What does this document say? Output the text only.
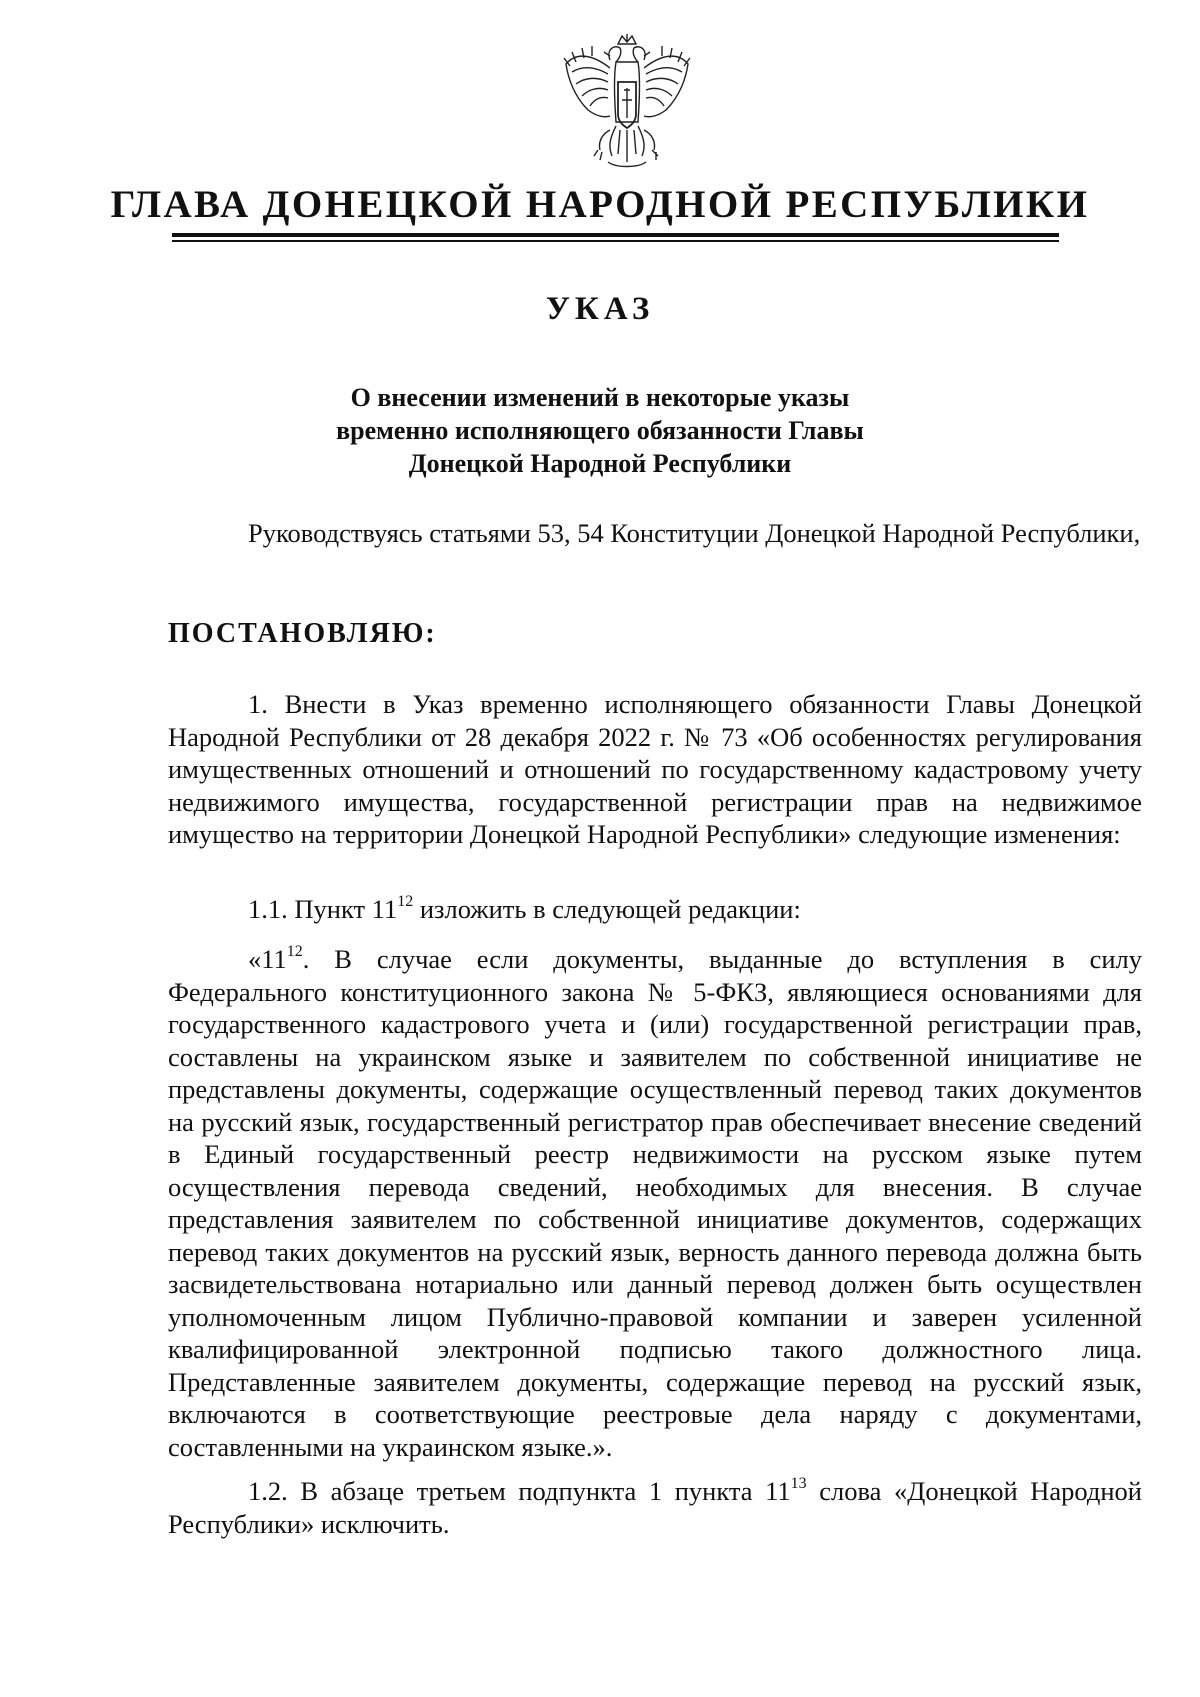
ГЛАВА ДОНЕЦКОЙ НАРОДНОЙ РЕСПУБЛИКИ
УКАЗ
О внесении изменений в некоторые указы
временно исполняющего обязанности Главы
Донецкой Народной Республики

Руководствуясь статьями 53, 54 Конституции Донецкой Народной Республики,

ПОСТАНОВЛЯЮ:

1. Внести в Указ временно исполняющего обязанности Главы Донецкой Народной Республики от 28 декабря 2022 г. № 73 «Об особенностях регулирования имущественных отношений и отношений по государственному кадастровому учету недвижимого имущества, государственной регистрации прав на недвижимое имущество на территории Донецкой Народной Республики» следующие изменения:

1.1. Пункт $11^{12}$ изложить в следующей редакции:

«$11^{12}$. В случае если документы, выданные до вступления в силу Федерального конституционного закона № 5-ФКЗ, являющиеся основаниями для государственного кадастрового учета и (или) государственной регистрации прав, составлены на украинском языке и заявителем по собственной инициативе не представлены документы, содержащие осуществленный перевод таких документов на русский язык, государственный регистратор прав обеспечивает внесение сведений в Единый государственный реестр недвижимости на русском языке путем осуществления перевода сведений, необходимых для внесения. В случае представления заявителем по собственной инициативе документов, содержащих перевод таких документов на русский язык, верность данного перевода должна быть засвидетельствована нотариально или данный перевод должен быть осуществлен уполномоченным лицом Публично-правовой компании и заверен усиленной квалифицированной электронной подписью такого должностного лица. Представленные заявителем документы, содержащие перевод на русский язык, включаются в соответствующие реестровые дела наряду с документами, составленными на украинском языке.».

1.2. В абзаце третьем подпункта 1 пункта $11^{13}$ слова «Донецкой Народной Республики» исключить.
